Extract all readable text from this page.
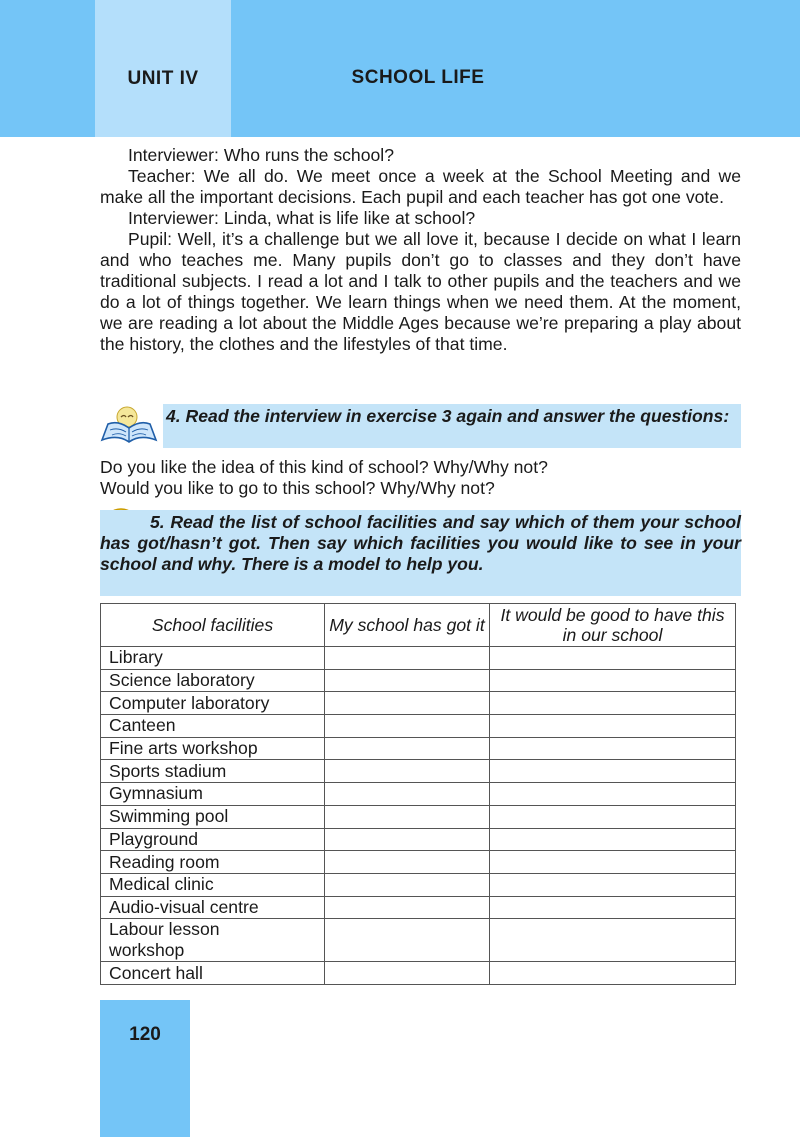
UNIT IV	SCHOOL LIFE

Interviewer: Who runs the school?

Teacher: We all do. We meet once a week at the School Meeting and we make all the important decisions. Each pupil and each teacher has got one vote.

Interviewer: Linda, what is life like at school?

Pupil: Well, it’s a challenge but we all love it, because I decide on what I learn and who teaches me. Many pupils don’t go to classes and they don’t have traditional subjects. I read a lot and I talk to other pupils and the teachers and we do a lot of things together. We learn things when we need them. At the moment, we are reading a lot about the Middle Ages because we’re preparing a play about the history, the clothes and the lifestyles of that time.

4. Read the interview in exercise 3 again and answer the questions:

Do you like the idea of this kind of school? Why/Why not?

Would you like to go to this school? Why/Why not?

5. Read the list of school facilities and say which of them your school has got/hasn’t got. Then say which facilities you would like to see in your school and why. There is a model to help you.
School facilities	My school has got it	It would be good to have this in our school
Library		
Science laboratory		
Computer laboratory		
Canteen		
Fine arts workshop		
Sports stadium		
Gymnasium		
Swimming pool		
Playground		
Reading room		
Medical clinic		
Audio-visual centre		
Labour lesson workshop		
Concert hall		
120
